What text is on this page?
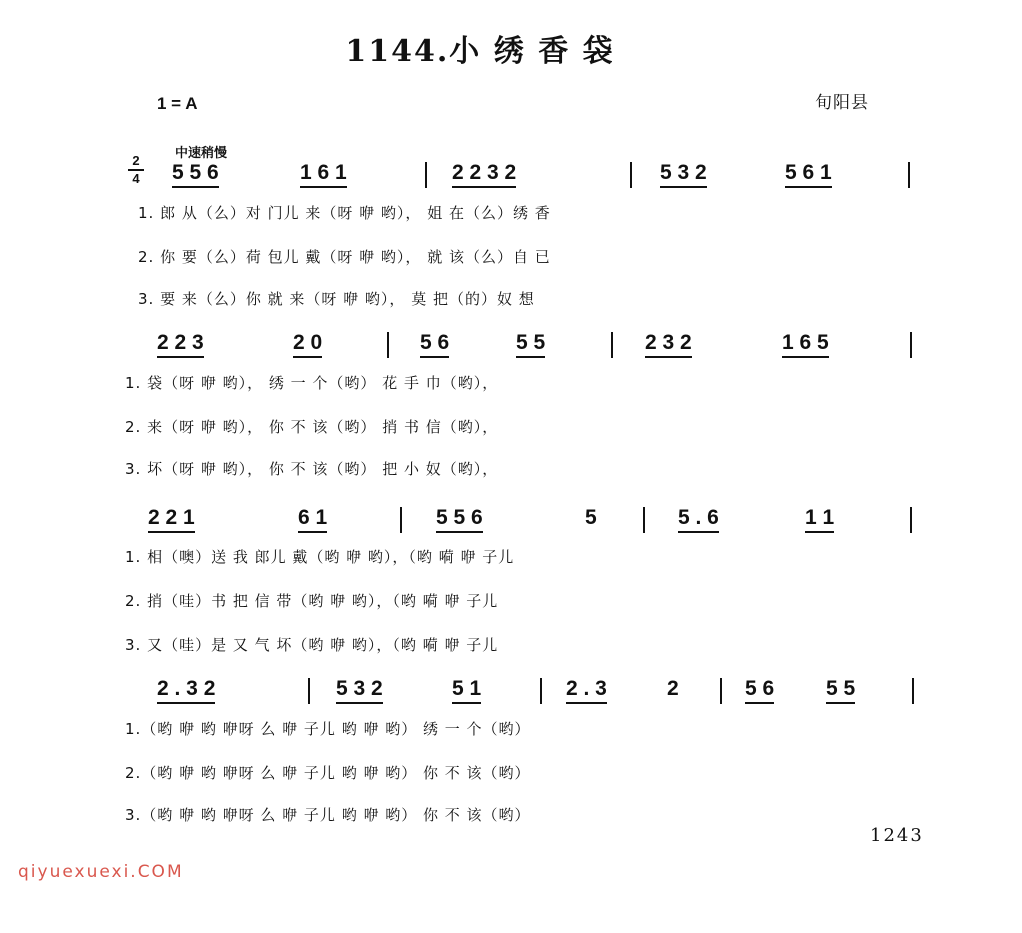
1144.小 绣 香 袋
1 = A	旬阳县
中速稍慢
2
4 5 5 6	1 6 1	2 2 3 2	5 3 2	5 6 1
1. 郎 从（么）对 门儿 来（呀 咿 哟）， 姐 在（么）绣 香
2. 你 要（么）荷 包儿 戴（呀 咿 哟）， 就 该（么）自 已
3. 要 来（么）你 就 来（呀 咿 哟）， 莫 把（的）奴 想
2 2 3	2 0	5 6	5 5	2 3 2	1 6 5
1. 袋（呀 咿 哟）， 绣 一 个（哟） 花 手 巾（哟），
2. 来（呀 咿 哟）， 你 不 该（哟） 捎 书 信（哟），
3. 坏（呀 咿 哟）， 你 不 该（哟） 把 小 奴（哟），
2 2 1	6 1	5 5 6	5	5 . 6	1 1
1. 相（噢）送 我 郎儿 戴（哟 咿 哟），（哟 嗬 咿 子儿
2. 捎（哇）书 把 信 带（哟 咿 哟），（哟 嗬 咿 子儿
3. 又（哇）是 又 气 坏（哟 咿 哟），（哟 嗬 咿 子儿
2 . 3 2	5 3 2	5 1	2 . 3	2	5 6 5 5
1.（哟 咿 哟 咿呀 么 咿 子儿 哟 咿 哟） 绣 一 个（哟）
2.（哟 咿 哟 咿呀 么 咿 子儿 哟 咿 哟） 你 不 该（哟）
3.（哟 咿 哟 咿呀 么 咿 子儿 哟 咿 哟） 你 不 该（哟）
1243
qiyuexuexi.COM
